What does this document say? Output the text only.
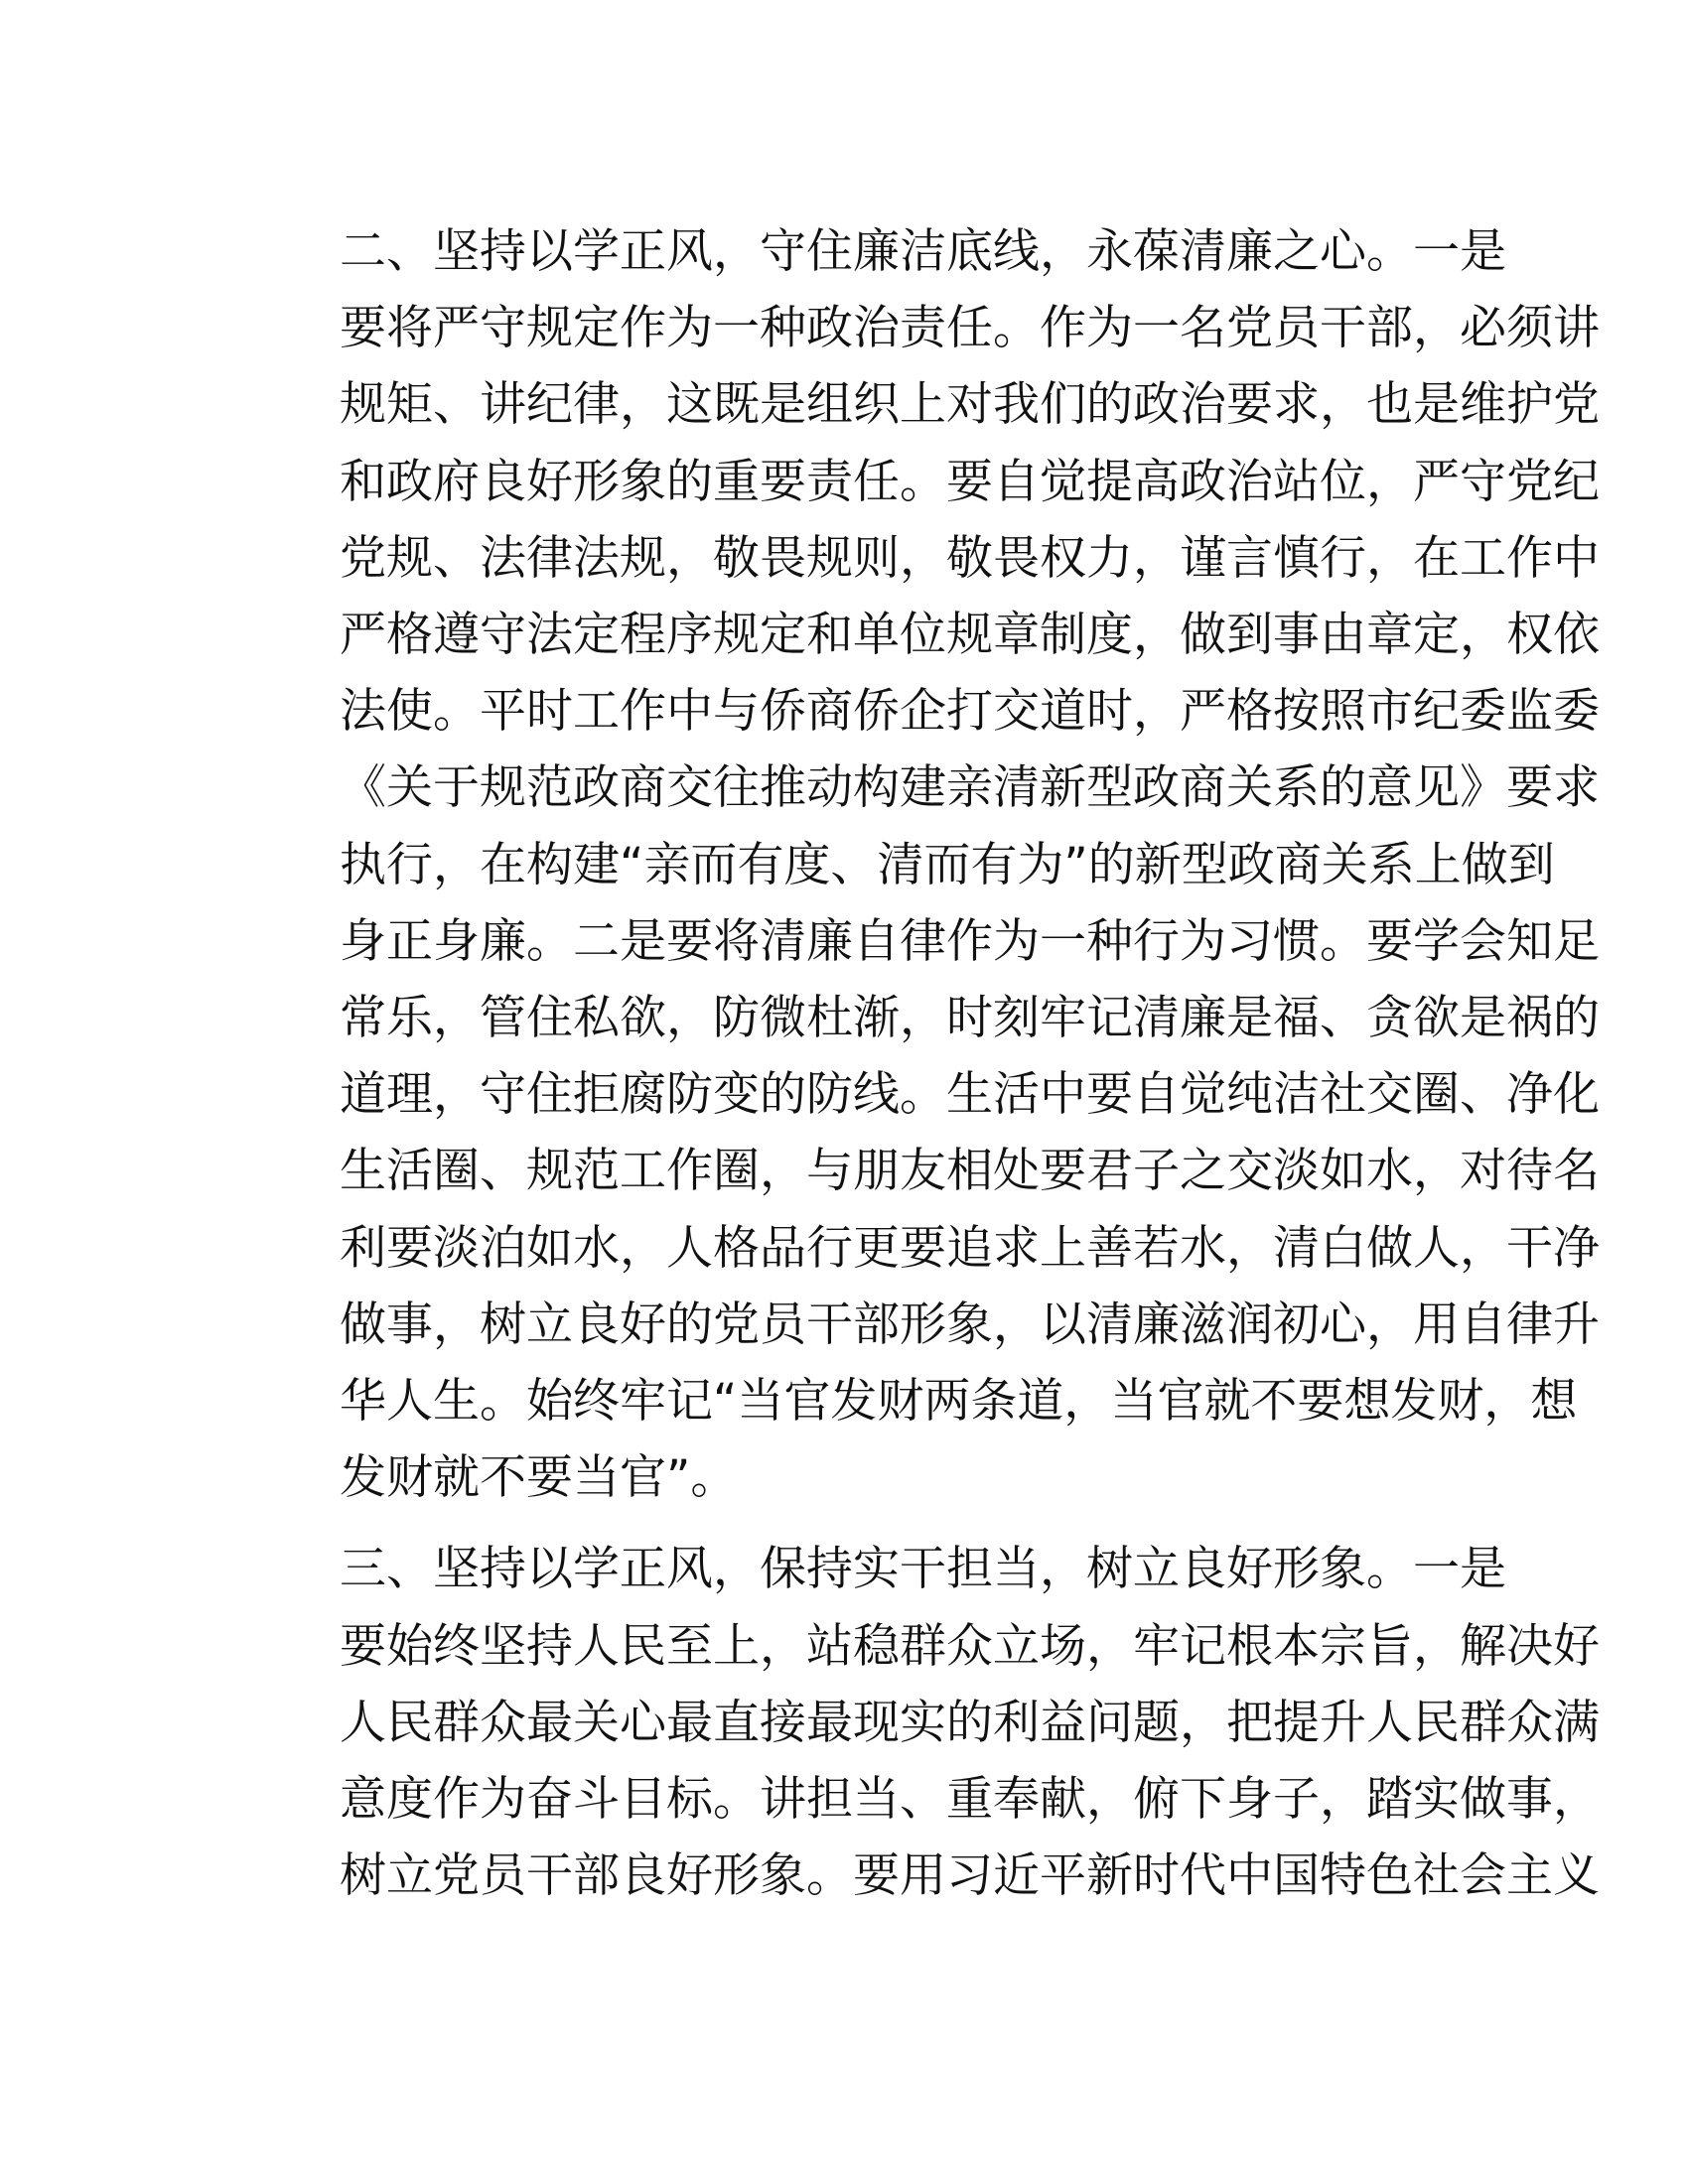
二、坚持以学正风，守住廉洁底线，永葆清廉之心。一是
要将严守规定作为一种政治责任。作为一名党员干部，必须讲
规矩、讲纪律，这既是组织上对我们的政治要求，也是维护党
和政府良好形象的重要责任。要自觉提高政治站位，严守党纪
党规、法律法规，敬畏规则，敬畏权力，谨言慎行，在工作中
严格遵守法定程序规定和单位规章制度，做到事由章定，权依
法使。平时工作中与侨商侨企打交道时，严格按照市纪委监委
《关于规范政商交往推动构建亲清新型政商关系的意见》要求
执行，在构建“亲而有度、清而有为”的新型政商关系上做到
身正身廉。二是要将清廉自律作为一种行为习惯。要学会知足
常乐，管住私欲，防微杜渐，时刻牢记清廉是福、贪欲是祸的
道理，守住拒腐防变的防线。生活中要自觉纯洁社交圈、净化
生活圈、规范工作圈，与朋友相处要君子之交淡如水，对待名
利要淡泊如水，人格品行更要追求上善若水，清白做人，干净
做事，树立良好的党员干部形象，以清廉滋润初心，用自律升
华人生。始终牢记“当官发财两条道，当官就不要想发财，想
发财就不要当官”。

三、坚持以学正风，保持实干担当，树立良好形象。一是
要始终坚持人民至上，站稳群众立场，牢记根本宗旨，解决好
人民群众最关心最直接最现实的利益问题，把提升人民群众满
意度作为奋斗目标。讲担当、重奉献，俯下身子，踏实做事，
树立党员干部良好形象。要用习近平新时代中国特色社会主义
